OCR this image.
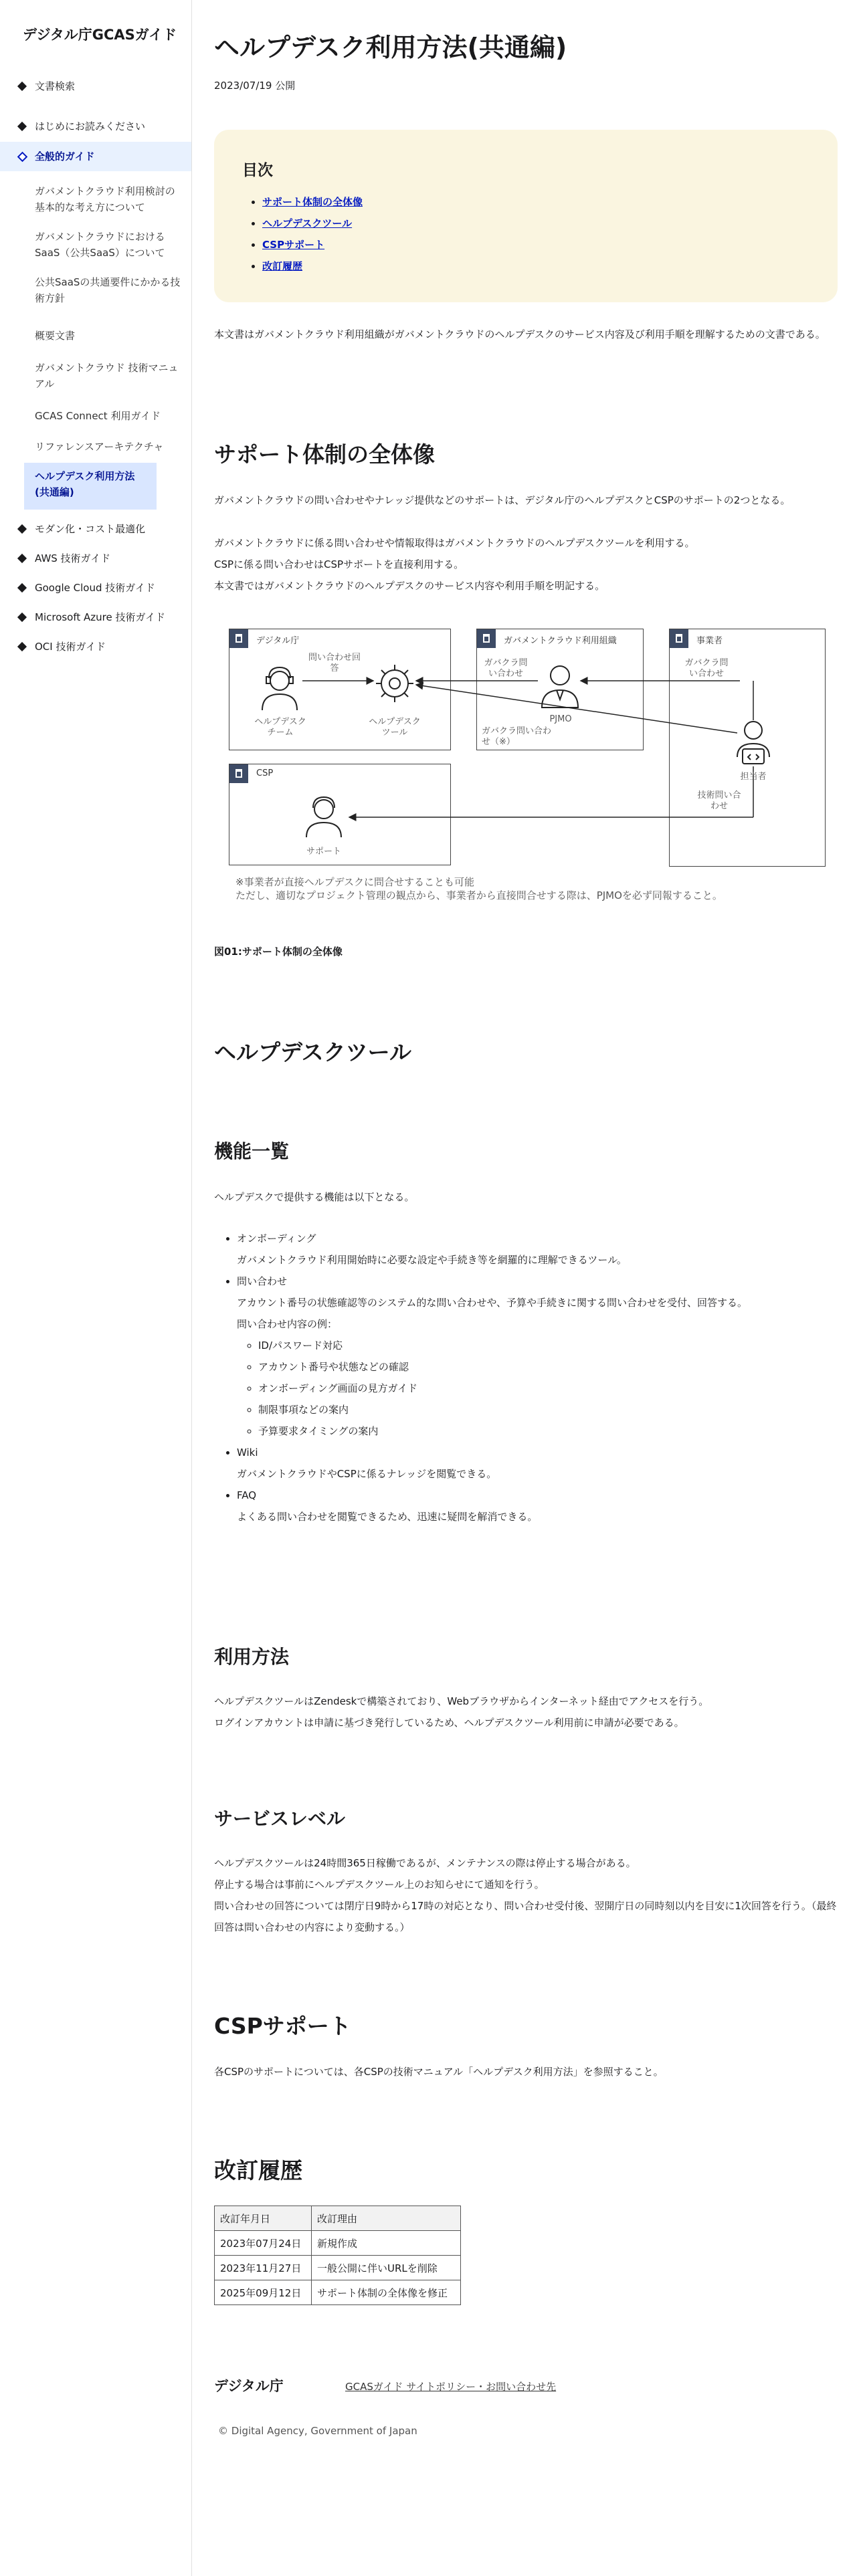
デジタル庁GCASガイド
文書検索
はじめにお読みください
全般的ガイド
ガバメントクラウド利用検討の基本的な考え方について
ガバメントクラウドにおけるSaaS（公共SaaS）について
公共SaaSの共通要件にかかる技術方針
概要文書
ガバメントクラウド 技術マニュアル
GCAS Connect 利用ガイド
リファレンスアーキテクチャ
ヘルプデスク利用方法(共通編)
モダン化・コスト最適化
AWS 技術ガイド
Google Cloud 技術ガイド
Microsoft Azure 技術ガイド
OCI 技術ガイド
ヘルプデスク利用方法(共通編)
2023/07/19 公開
目次
• サポート体制の全体像
• ヘルプデスクツール
• CSPサポート
• 改訂履歴
本文書はガバメントクラウド利用組織がガバメントクラウドのヘルプデスクのサービス内容及び利用手順を理解するための文書である。
サポート体制の全体像
ガバメントクラウドの問い合わせやナレッジ提供などのサポートは、デジタル庁のヘルプデスクとCSPのサポートの2つとなる。
ガバメントクラウドに係る問い合わせや情報取得はガバメントクラウドのヘルプデスクツールを利用する。
CSPに係る問い合わせはCSPサポートを直接利用する。
本文書ではガバメントクラウドのヘルプデスクのサービス内容や利用手順を明記する。
デジタル庁	ガバメントクラウド利用組織	事業者
CSP
ヘルプデスクチーム
ヘルプデスクツール
PJMO
担当者
サポート
問い合わせ回答
ガバクラ問い合わせ
ガバクラ問い合わせ
ガバクラ問い合わせ（※）
技術問い合わせ
※事業者が直接ヘルプデスクに問合せすることも可能
ただし、適切なプロジェクト管理の観点から、事業者から直接問合せする際は、PJMOを必ず同報すること。
図01:サポート体制の全体像
ヘルプデスクツール
機能一覧
ヘルプデスクで提供する機能は以下となる。
• オンボーディング
ガバメントクラウド利用開始時に必要な設定や手続き等を網羅的に理解できるツール。
• 問い合わせ
アカウント番号の状態確認等のシステム的な問い合わせや、予算や手続きに関する問い合わせを受付、回答する。
問い合わせ内容の例：
◦ ID/パスワード対応
◦ アカウント番号や状態などの確認
◦ オンボーディング画面の見方ガイド
◦ 制限事項などの案内
◦ 予算要求タイミングの案内
• Wiki
ガバメントクラウドやCSPに係るナレッジを閲覧できる。
• FAQ
よくある問い合わせを閲覧できるため、迅速に疑問を解消できる。
利用方法
ヘルプデスクツールはZendeskで構築されており、Webブラウザからインターネット経由でアクセスを行う。
ログインアカウントは申請に基づき発行しているため、ヘルプデスクツール利用前に申請が必要である。
サービスレベル
ヘルプデスクツールは24時間365日稼働であるが、メンテナンスの際は停止する場合がある。
停止する場合は事前にヘルプデスクツール上のお知らせにて通知を行う。
問い合わせの回答については閉庁日9時から17時の対応となり、問い合わせ受付後、翌開庁日の同時刻以内を目安に1次回答を行う。（最終回答は問い合わせの内容により変動する。）
CSPサポート
各CSPのサポートについては、各CSPの技術マニュアル「ヘルプデスク利用方法」を参照すること。
改訂履歴
改訂年月日	改訂理由
2023年07月24日	新規作成
2023年11月27日	一般公開に伴いURLを削除
2025年09月12日	サポート体制の全体像を修正
デジタル庁	GCASガイド サイトポリシー・お問い合わせ先
© Digital Agency, Government of Japan
